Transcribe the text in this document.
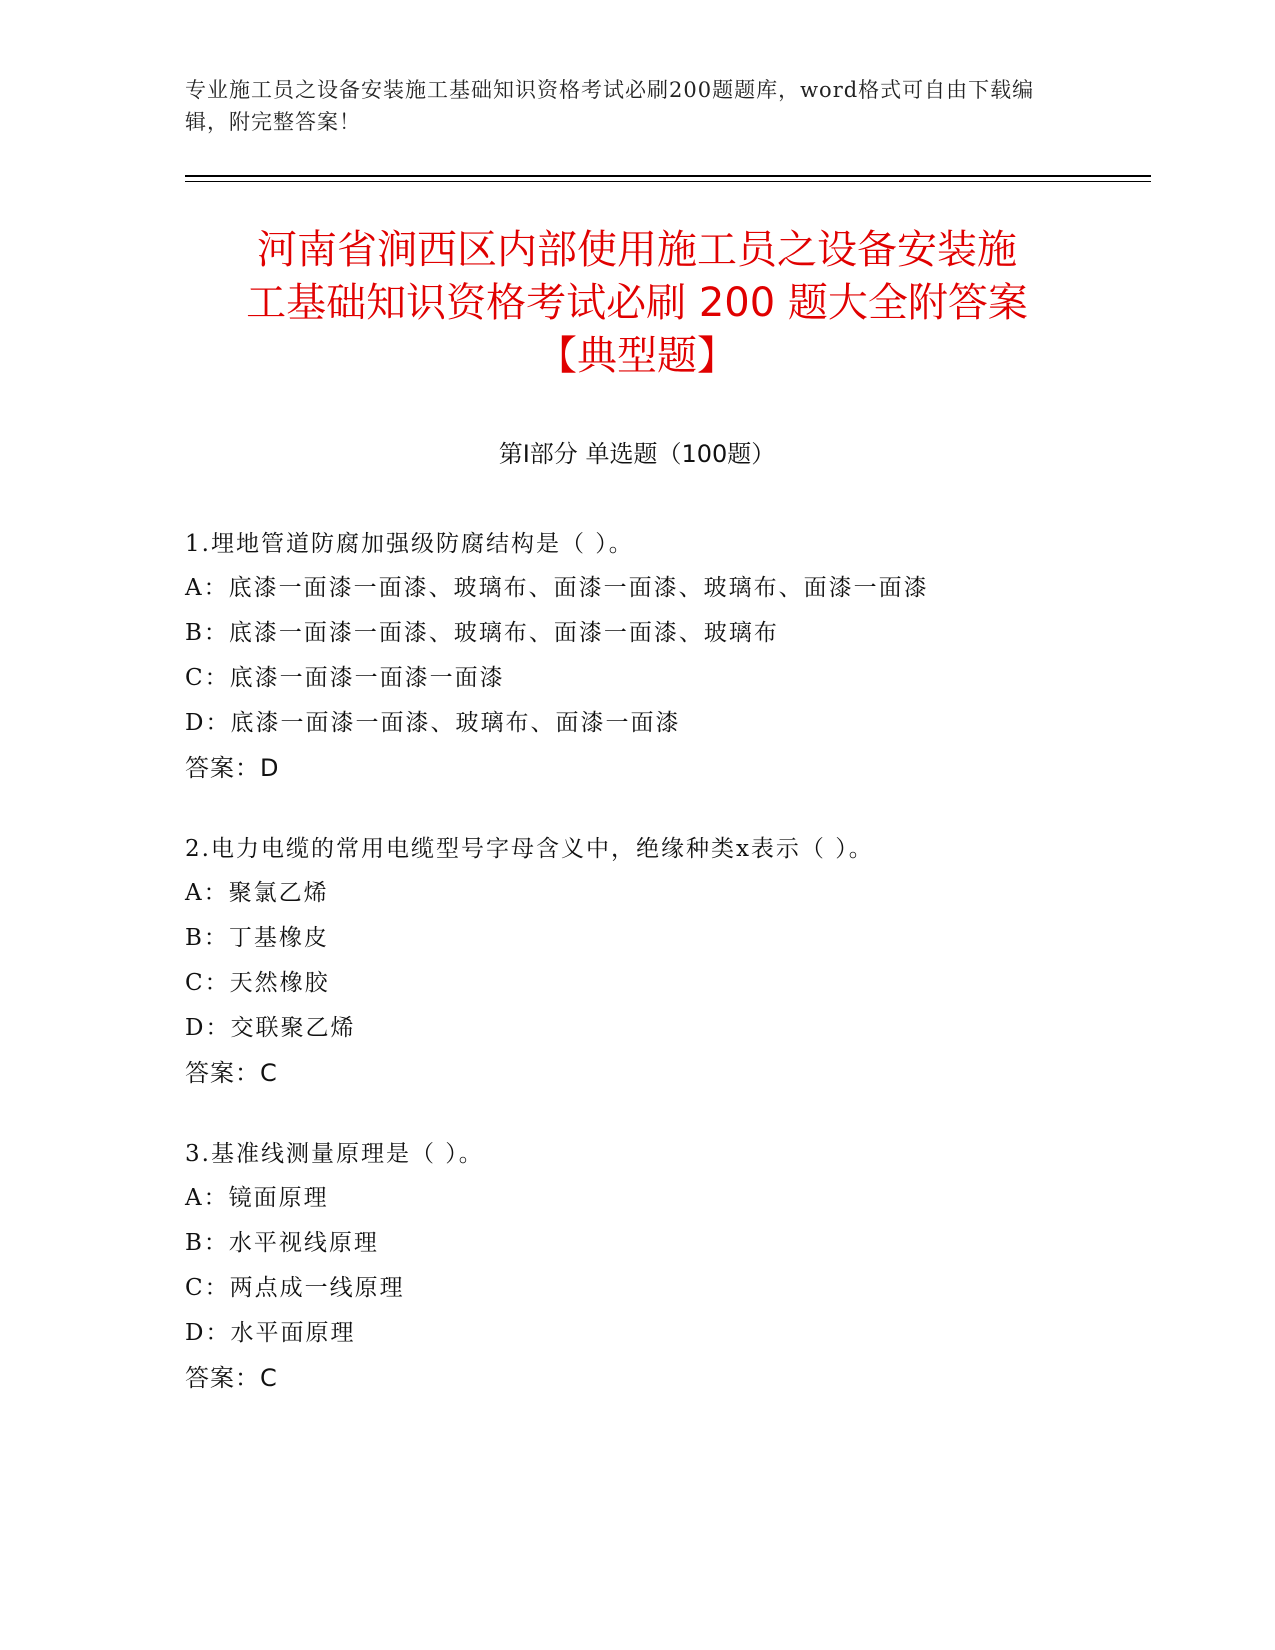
专业施工员之设备安装施工基础知识资格考试必刷200题题库，word格式可自由下载编辑，附完整答案！
河南省涧西区内部使用施工员之设备安装施
工基础知识资格考试必刷 200 题大全附答案
【典型题】
第Ⅰ部分 单选题（100题）
1.埋地管道防腐加强级防腐结构是（ ）。
A：底漆一面漆一面漆、玻璃布、面漆一面漆、玻璃布、面漆一面漆
B：底漆一面漆一面漆、玻璃布、面漆一面漆、玻璃布
C：底漆一面漆一面漆一面漆
D：底漆一面漆一面漆、玻璃布、面漆一面漆
答案：D
2.电力电缆的常用电缆型号字母含义中，绝缘种类x表示（ ）。
A：聚氯乙烯
B：丁基橡皮
C：天然橡胶
D：交联聚乙烯
答案：C
3.基准线测量原理是（ ）。
A：镜面原理
B：水平视线原理
C：两点成一线原理
D：水平面原理
答案：C
